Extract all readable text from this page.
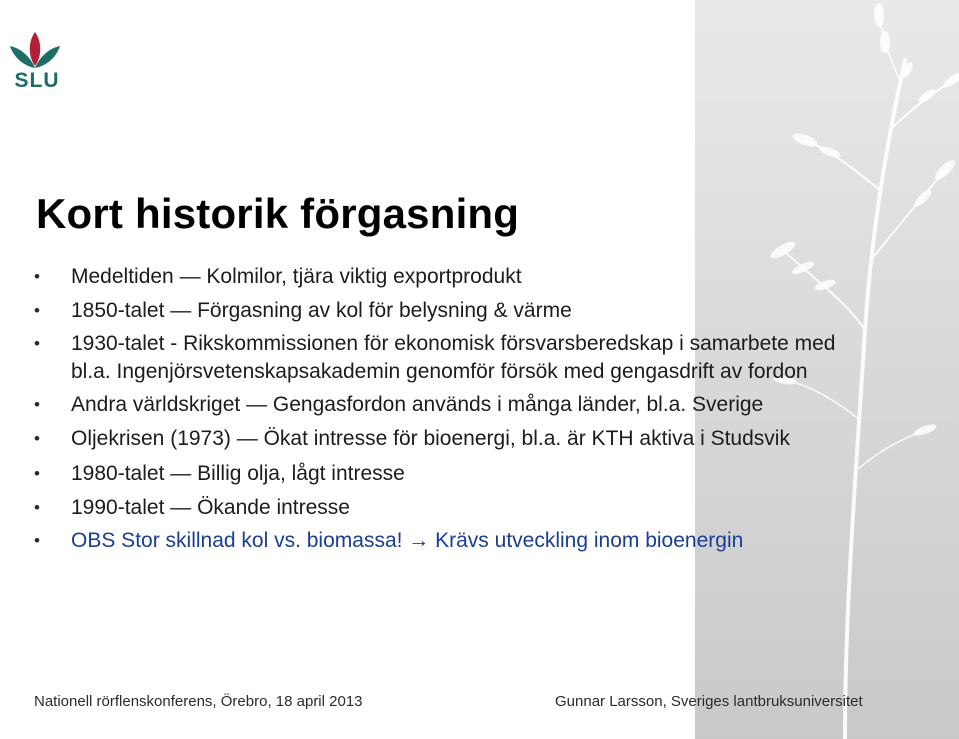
SLU
Kort historik förgasning
• Medeltiden — Kolmilor, tjära viktig exportprodukt
• 1850-talet — Förgasning av kol för belysning & värme
• 1930-talet - Rikskommissionen för ekonomisk försvarsberedskap i samarbete med bl.a. Ingenjörsvetenskapsakademin genomför försök med gengasdrift av fordon
• Andra världskriget — Gengasfordon används i många länder, bl.a. Sverige
• Oljekrisen (1973) — Ökat intresse för bioenergi, bl.a. är KTH aktiva i Studsvik
• 1980-talet — Billig olja, lågt intresse
• 1990-talet — Ökande intresse
• OBS Stor skillnad kol vs. biomassa! → Krävs utveckling inom bioenergin
Nationell rörflenskonferens, Örebro, 18 april 2013	Gunnar Larsson, Sveriges lantbruksuniversitet
